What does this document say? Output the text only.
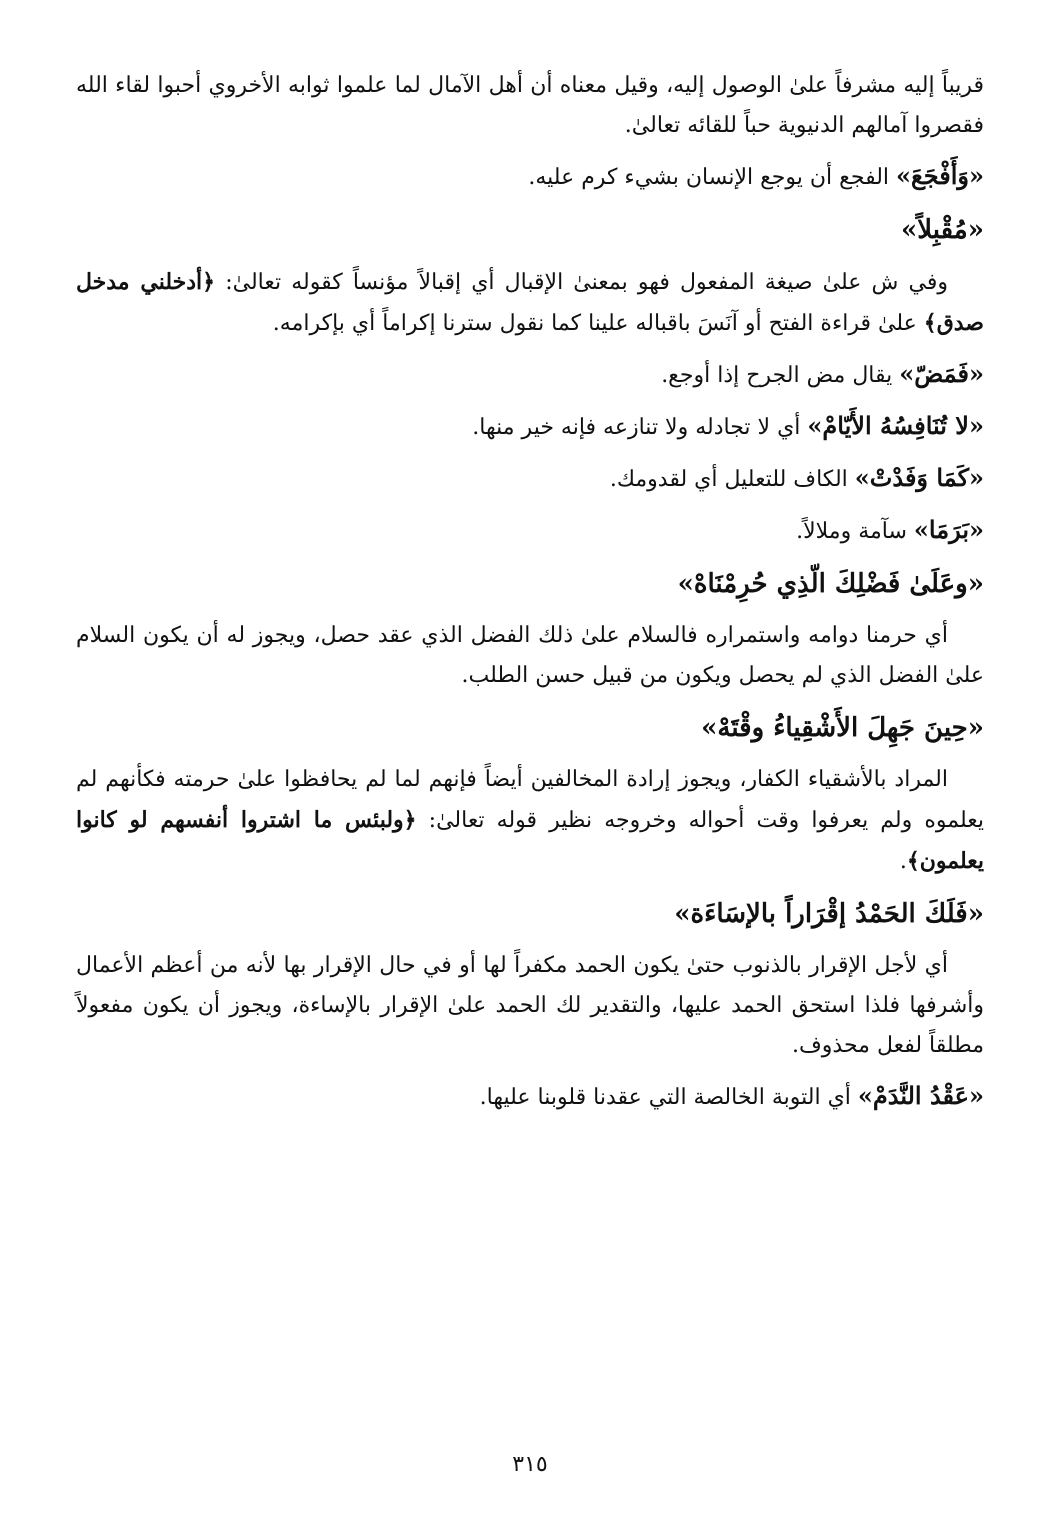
قريباً إليه مشرفاً علىٰ الوصول إليه، وقيل معناه أن أهل الآمال لما علموا ثوابه الأخروي أحبوا لقاء الله فقصروا آمالهم الدنيوية حباً للقائه تعالىٰ.

«وَأَفْجَعَ» الفجع أن يوجع الإنسان بشيء كرم عليه.

«مُقْبِلاً»

وفي ش علىٰ صيغة المفعول فهو بمعنىٰ الإقبال أي إقبالاً مؤنساً كقوله تعالىٰ: ﴿أدخلني مدخل صدق﴾ علىٰ قراءة الفتح أو آنَسَ باقباله علينا كما نقول سترنا إكراماً أي بإكرامه.

«فَمَضّ» يقال مض الجرح إذا أوجع.

«لا تُنَافِسُهُ الأَيّامْ» أي لا تجادله ولا تنازعه فإنه خير منها.

«كَمَا وَفَدْتْ» الكاف للتعليل أي لقدومك.

«بَرَمَا» سآمة وملالاً.

«وعَلَىٰ فَضْلِكَ الّذِي حُرِمْنَاهْ»

أي حرمنا دوامه واستمراره فالسلام علىٰ ذلك الفضل الذي عقد حصل، ويجوز له أن يكون السلام علىٰ الفضل الذي لم يحصل ويكون من قبيل حسن الطلب.

«حِينَ جَهِلَ الأَشْقِياءُ وقْتَهْ»

المراد بالأشقياء الكفار، ويجوز إرادة المخالفين أيضاً فإنهم لما لم يحافظوا علىٰ حرمته فكأنهم لم يعلموه ولم يعرفوا وقت أحواله وخروجه نظير قوله تعالىٰ: ﴿ولبئس ما اشتروا أنفسهم لو كانوا يعلمون﴾.

«فَلَكَ الحَمْدُ إقْرَاراً بالإسَاءَة»

أي لأجل الإقرار بالذنوب حتىٰ يكون الحمد مكفراً لها أو في حال الإقرار بها لأنه من أعظم الأعمال وأشرفها فلذا استحق الحمد عليها، والتقدير لك الحمد علىٰ الإقرار بالإساءة، ويجوز أن يكون مفعولاً مطلقاً لفعل محذوف.

«عَقْدُ النَّدَمْ» أي التوبة الخالصة التي عقدنا قلوبنا عليها.

٣١٥
